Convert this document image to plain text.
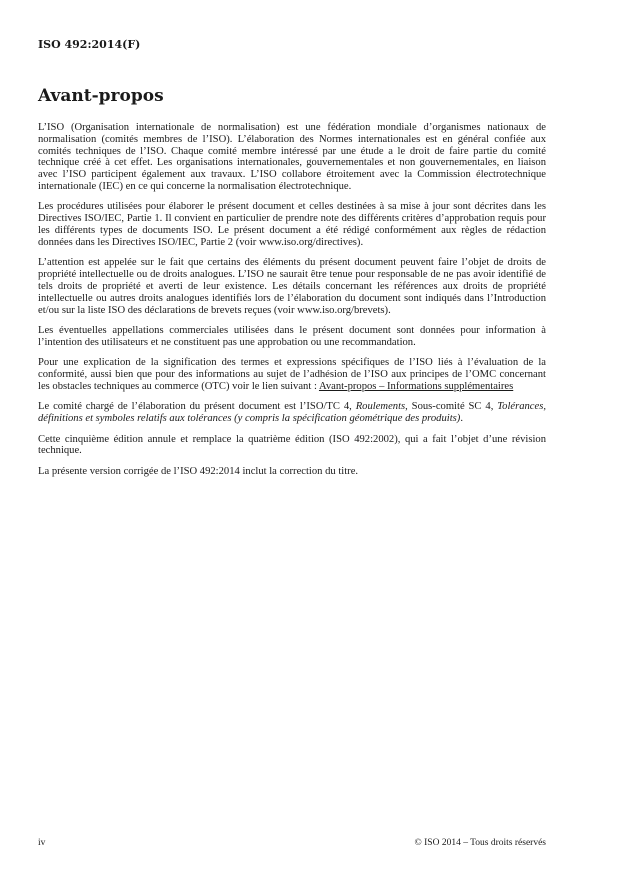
ISO 492:2014(F)
Avant-propos

L’ISO (Organisation internationale de normalisation) est une fédération mondiale d’organismes nationaux de normalisation (comités membres de l’ISO). L’élaboration des Normes internationales est en général confiée aux comités techniques de l’ISO. Chaque comité membre intéressé par une étude a le droit de faire partie du comité technique créé à cet effet. Les organisations internationales, gouvernementales et non gouvernementales, en liaison avec l’ISO participent également aux travaux. L’ISO collabore étroitement avec la Commission électrotechnique internationale (IEC) en ce qui concerne la normalisation électrotechnique.

Les procédures utilisées pour élaborer le présent document et celles destinées à sa mise à jour sont décrites dans les Directives ISO/IEC, Partie 1. Il convient en particulier de prendre note des différents critères d’approbation requis pour les différents types de documents ISO. Le présent document a été rédigé conformément aux règles de rédaction données dans les Directives ISO/IEC, Partie 2 (voir www.iso.org/directives).

L’attention est appelée sur le fait que certains des éléments du présent document peuvent faire l’objet de droits de propriété intellectuelle ou de droits analogues. L’ISO ne saurait être tenue pour responsable de ne pas avoir identifié de tels droits de propriété et averti de leur existence. Les détails concernant les références aux droits de propriété intellectuelle ou autres droits analogues identifiés lors de l’élaboration du document sont indiqués dans l’Introduction et/ou sur la liste ISO des déclarations de brevets reçues (voir www.iso.org/brevets).

Les éventuelles appellations commerciales utilisées dans le présent document sont données pour information à l’intention des utilisateurs et ne constituent pas une approbation ou une recommandation.

Pour une explication de la signification des termes et expressions spécifiques de l’ISO liés à l’évaluation de la conformité, aussi bien que pour des informations au sujet de l’adhésion de l’ISO aux principes de l’OMC concernant les obstacles techniques au commerce (OTC) voir le lien suivant : Avant-propos – Informations supplémentaires

Le comité chargé de l’élaboration du présent document est l’ISO/TC 4, Roulements, Sous-comité SC 4, Tolérances, définitions et symboles relatifs aux tolérances (y compris la spécification géométrique des produits).

Cette cinquième édition annule et remplace la quatrième édition (ISO 492:2002), qui a fait l’objet d’une révision technique.

La présente version corrigée de l’ISO 492:2014 inclut la correction du titre.

iv	© ISO 2014 – Tous droits réservés
